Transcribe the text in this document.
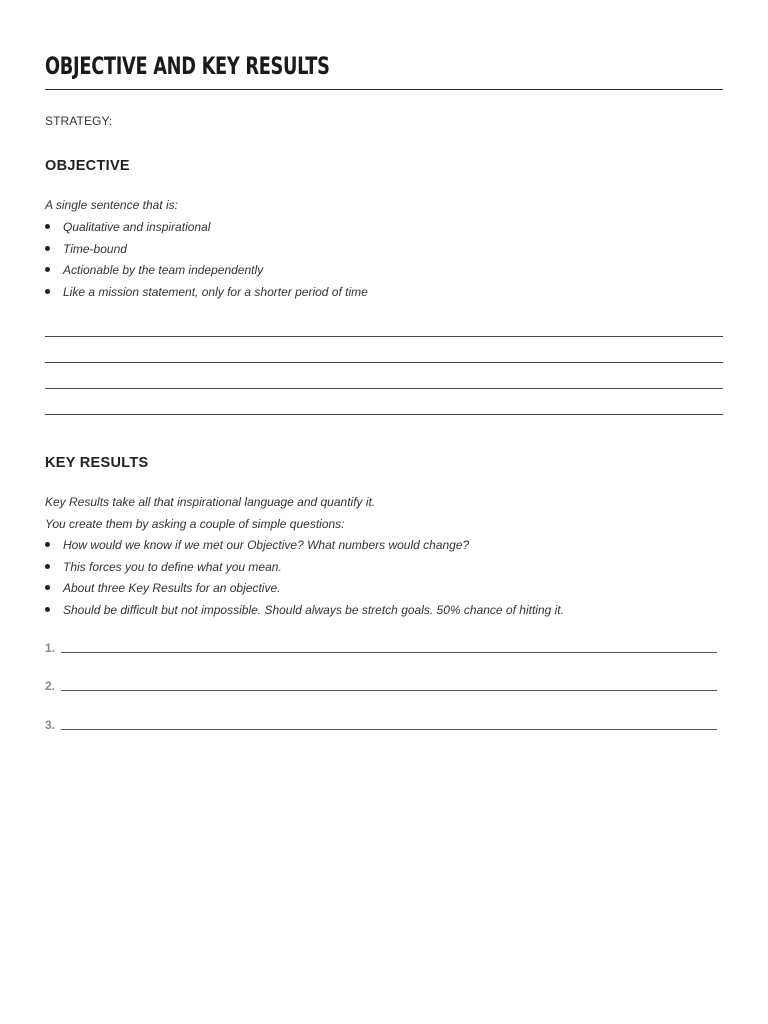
OBJECTIVE AND KEY RESULTS
STRATEGY:
OBJECTIVE

A single sentence that is:

Qualitative and inspirational
Time-bound
Actionable by the team independently
Like a mission statement, only for a shorter period of time
KEY RESULTS

Key Results take all that inspirational language and quantify it.

You create them by asking a couple of simple questions:

How would we know if we met our Objective? What numbers would change?
This forces you to define what you mean.
About three Key Results for an objective.
Should be difficult but not impossible. Should always be stretch goals. 50% chance of hitting it.
1.
2.
3.
